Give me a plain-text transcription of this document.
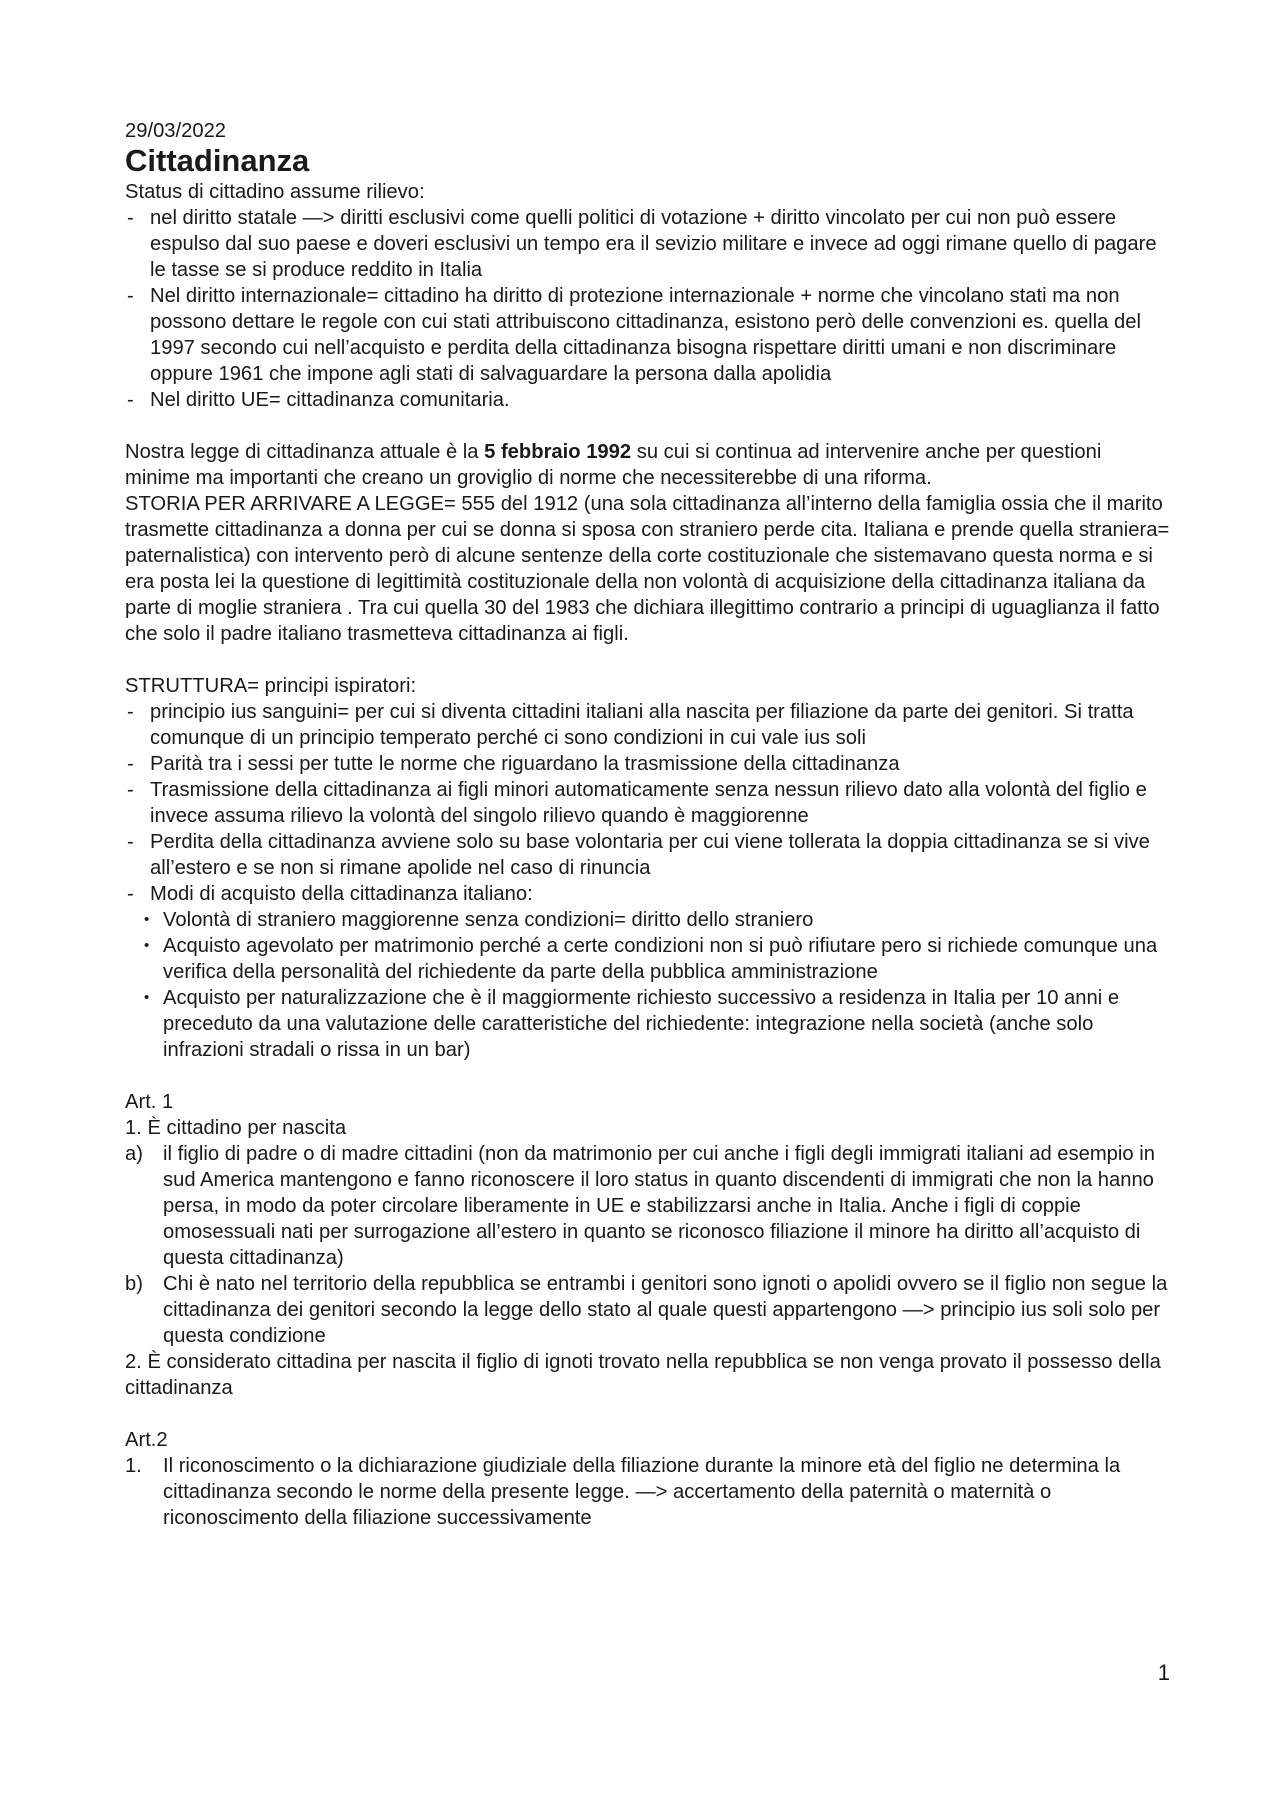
29/03/2022

Cittadinanza

Status di cittadino assume rilievo:

- nel diritto statale —> diritti esclusivi come quelli politici di votazione + diritto vincolato per cui non può essere espulso dal suo paese e doveri esclusivi un tempo era il sevizio militare e invece ad oggi rimane quello di pagare le tasse se si produce reddito in Italia
- Nel diritto internazionale= cittadino ha diritto di protezione internazionale + norme che vincolano stati ma non possono dettare le regole con cui stati attribuiscono cittadinanza, esistono però delle convenzioni es. quella del 1997 secondo cui nell’acquisto e perdita della cittadinanza bisogna rispettare diritti umani e non discriminare oppure 1961 che impone agli stati di salvaguardare la persona dalla apolidia
- Nel diritto UE= cittadinanza comunitaria.

Nostra legge di cittadinanza attuale è la 5 febbraio 1992 su cui si continua ad intervenire anche per questioni minime ma importanti che creano un groviglio di norme che necessiterebbe di una riforma.

STORIA PER ARRIVARE A LEGGE= 555 del 1912 (una sola cittadinanza all’interno della famiglia ossia che il marito trasmette cittadinanza a donna per cui se donna si sposa con straniero perde cita. Italiana e prende quella straniera= paternalistica) con intervento però di alcune sentenze della corte costituzionale che sistemavano questa norma e si era posta lei la questione di legittimità costituzionale della non volontà di acquisizione della cittadinanza italiana da parte di moglie straniera . Tra cui quella 30 del 1983 che dichiara illegittimo contrario a principi di uguaglianza il fatto che solo il padre italiano trasmetteva cittadinanza ai figli.

STRUTTURA= principi ispiratori:

- principio ius sanguini= per cui si diventa cittadini italiani alla nascita per filiazione da parte dei genitori. Si tratta comunque di un principio temperato perché ci sono condizioni in cui vale ius soli
- Parità tra i sessi per tutte le norme che riguardano la trasmissione della cittadinanza
- Trasmissione della cittadinanza ai figli minori automaticamente senza nessun rilievo dato alla volontà del figlio e invece assuma rilievo la volontà del singolo rilievo quando è maggiorenne
- Perdita della cittadinanza avviene solo su base volontaria per cui viene tollerata la doppia cittadinanza se si vive all’estero e se non si rimane apolide nel caso di rinuncia
- Modi di acquisto della cittadinanza italiano:
• Volontà di straniero maggiorenne senza condizioni= diritto dello straniero
• Acquisto agevolato per matrimonio perché a certe condizioni non si può rifiutare pero si richiede comunque una verifica della personalità del richiedente da parte della pubblica amministrazione
• Acquisto per naturalizzazione che è il maggiormente richiesto successivo a residenza in Italia per 10 anni e preceduto da una valutazione delle caratteristiche del richiedente: integrazione nella società (anche solo infrazioni stradali o rissa in un bar)

Art. 1

1. È cittadino per nascita

a) il figlio di padre o di madre cittadini (non da matrimonio per cui anche i figli degli immigrati italiani ad esempio in sud America mantengono e fanno riconoscere il loro status in quanto discendenti di immigrati che non la hanno persa, in modo da poter circolare liberamente in UE e stabilizzarsi anche in Italia. Anche i figli di coppie omosessuali nati per surrogazione all’estero in quanto se riconosco filiazione il minore ha diritto all’acquisto di questa cittadinanza)
b) Chi è nato nel territorio della repubblica se entrambi i genitori sono ignoti o apolidi ovvero se il figlio non segue la cittadinanza dei genitori secondo la legge dello stato al quale questi appartengono —> principio ius soli solo per questa condizione

2. È considerato cittadina per nascita il figlio di ignoti trovato nella repubblica se non venga provato il possesso della cittadinanza

Art.2

1. Il riconoscimento o la dichiarazione giudiziale della filiazione durante la minore età del figlio ne determina la cittadinanza secondo le norme della presente legge. —> accertamento della paternità o maternità o riconoscimento della filiazione successivamente
1
